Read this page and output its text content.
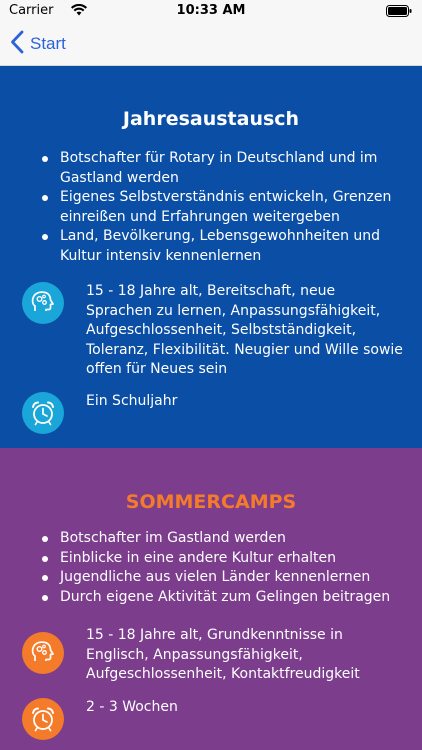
Carrier	10:33 AM
Start
Jahresaustausch
Botschafter für Rotary in Deutschland und im Gastland werden
Eigenes Selbstverständnis entwickeln, Grenzen einreißen und Erfahrungen weitergeben
Land, Bevölkerung, Lebensgewohnheiten und Kultur intensiv kennenlernen
15 - 18 Jahre alt, Bereitschaft, neue Sprachen zu lernen, Anpassungsfähigkeit, Aufgeschlossenheit, Selbstständigkeit, Toleranz, Flexibilität. Neugier und Wille sowie offen für Neues sein
Ein Schuljahr
SOMMERCAMPS
Botschafter im Gastland werden
Einblicke in eine andere Kultur erhalten
Jugendliche aus vielen Länder kennenlernen
Durch eigene Aktivität zum Gelingen beitragen
15 - 18 Jahre alt, Grundkenntnisse in Englisch, Anpassungsfähigkeit, Aufgeschlossenheit, Kontaktfreudigkeit
2 - 3 Wochen
